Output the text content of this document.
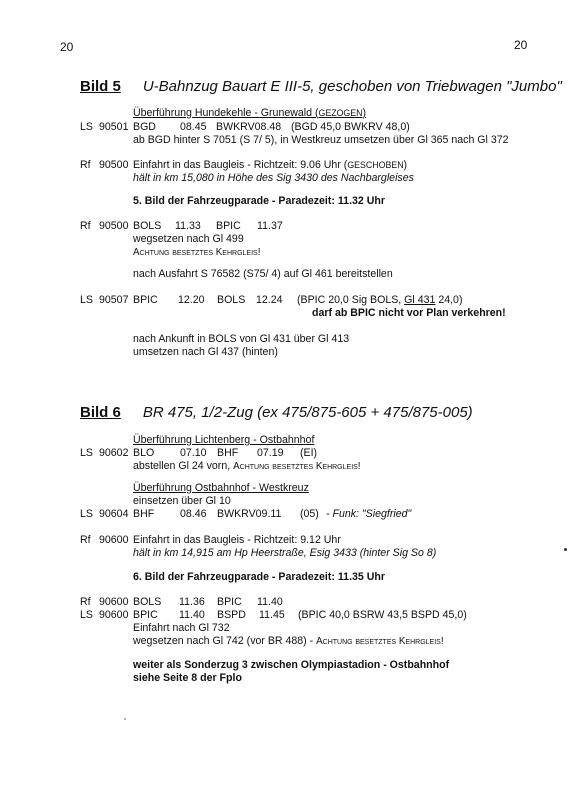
20	20
Bild 5 U-Bahnzug Bauart E III-5, geschoben von Triebwagen "Jumbo"
Überführung Hundekehle - Grunewald (GEZOGEN)
LS 90501 BGD 08.45 BWKRV08.48 (BGD 45,0 BWKRV 48,0)
ab BGD hinter S 7051 (S 7/ 5), in Westkreuz umsetzen über Gl 365 nach Gl 372
Rf 90500 Einfahrt in das Baugleis - Richtzeit: 9.06 Uhr (GESCHOBEN)
hält in km 15,080 in Höhe des Sig 3430 des Nachbargleises
5. Bild der Fahrzeugparade - Paradezeit: 11.32 Uhr
Rf 90500 BOLS 11.33 BPIC 11.37
wegsetzen nach Gl 499
Achtung besetztes Kehrgleis!
nach Ausfahrt S 76582 (S75/ 4) auf Gl 461 bereitstellen
LS 90507 BPIC 12.20 BOLS 12.24 (BPIC 20,0 Sig BOLS, Gl 431 24,0)
darf ab BPIC nicht vor Plan verkehren!
nach Ankunft in BOLS von Gl 431 über Gl 413
umsetzen nach Gl 437 (hinten)
Bild 6 BR 475, 1/2-Zug (ex 475/875-605 + 475/875-005)
Überführung Lichtenberg - Ostbahnhof
LS 90602 BLO 07.10 BHF 07.19 (EI)
abstellen Gl 24 vorn, Achtung besetztes Kehrgleis!
Überführung Ostbahnhof - Westkreuz
einsetzen über Gl 10
LS 90604 BHF 08.46 BWKRV09.11 (05) - Funk: "Siegfried"
Rf 90600 Einfahrt in das Baugleis - Richtzeit: 9.12 Uhr
hält in km 14,915 am Hp Heerstraße, Esig 3433 (hinter Sig So 8)
6. Bild der Fahrzeugparade - Paradezeit: 11.35 Uhr
Rf 90600 BOLS 11.36 BPIC 11.40
LS 90600 BPIC 11.40 BSPD 11.45 (BPIC 40,0 BSRW 43,5 BSPD 45,0)
Einfahrt nach Gl 732
wegsetzen nach Gl 742 (vor BR 488) - Achtung besetztes Kehrgleis!
weiter als Sonderzug 3 zwischen Olympiastadion - Ostbahnhof
siehe Seite 8 der Fplo
